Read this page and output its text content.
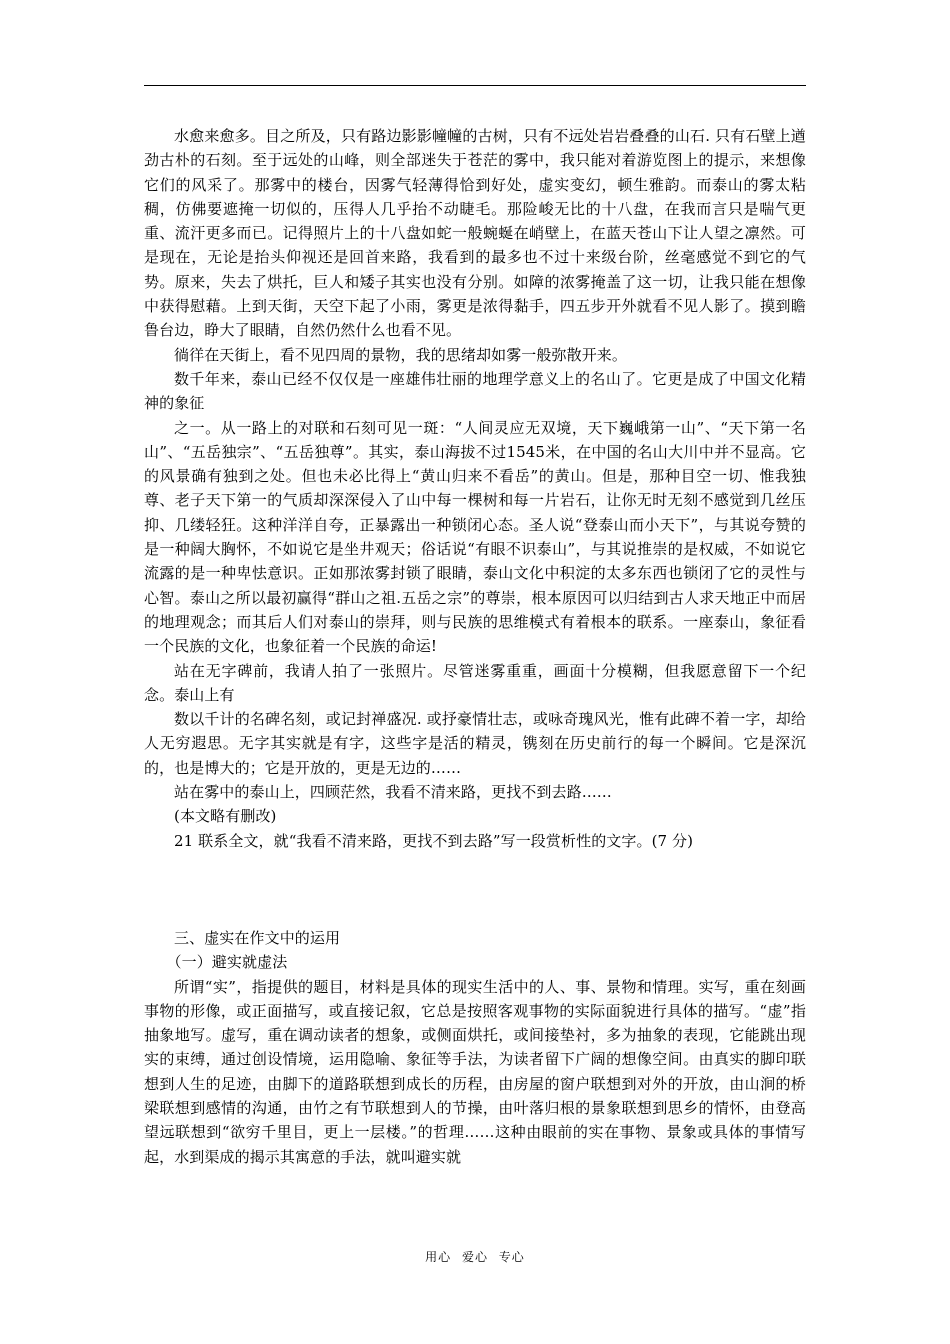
水愈来愈多。目之所及，只有路边影影幢幢的古树，只有不远处岩岩叠叠的山石. 只有石壁上遒劲古朴的石刻。至于远处的山峰，则全部迷失于苍茫的雾中，我只能对着游览图上的提示，来想像它们的风采了。那雾中的楼台，因雾气轻薄得恰到好处，虚实变幻，顿生雅韵。而泰山的雾太粘稠，仿佛要遮掩一切似的，压得人几乎抬不动睫毛。那险峻无比的十八盘，在我而言只是喘气更重、流汗更多而已。记得照片上的十八盘如蛇一般蜿蜒在峭壁上，在蓝天苍山下让人望之凛然。可是现在，无论是抬头仰视还是回首来路，我看到的最多也不过十来级台阶，丝毫感觉不到它的气势。原来，失去了烘托，巨人和矮子其实也没有分别。如障的浓雾掩盖了这一切，让我只能在想像中获得慰藉。上到天街，天空下起了小雨，雾更是浓得黏手，四五步开外就看不见人影了。摸到瞻鲁台边，睁大了眼睛，自然仍然什么也看不见。

徜徉在天街上，看不见四周的景物，我的思绪却如雾一般弥散开来。

数千年来，泰山已经不仅仅是一座雄伟壮丽的地理学意义上的名山了。它更是成了中国文化精神的象征

之一。从一路上的对联和石刻可见一斑：“人间灵应无双境，天下巍峨第一山”、“天下第一名山”、“五岳独宗”、“五岳独尊”。其实，泰山海拔不过1545米，在中国的名山大川中并不显高。它的风景确有独到之处。但也未必比得上“黄山归来不看岳”的黄山。但是，那种目空一切、惟我独尊、老子天下第一的气质却深深侵入了山中每一棵树和每一片岩石，让你无时无刻不感觉到几丝压抑、几缕轻狂。这种洋洋自夸，正暴露出一种锁闭心态。圣人说“登泰山而小天下”，与其说夸赞的是一种阔大胸怀，不如说它是坐井观天；俗话说“有眼不识泰山”，与其说推崇的是权威，不如说它流露的是一种卑怯意识。正如那浓雾封锁了眼睛，泰山文化中积淀的太多东西也锁闭了它的灵性与心智。泰山之所以最初赢得“群山之祖.五岳之宗”的尊崇，根本原因可以归结到古人求天地正中而居的地理观念；而其后人们对泰山的崇拜，则与民族的思维模式有着根本的联系。一座泰山，象征看一个民族的文化，也象征着一个民族的命运!

站在无字碑前，我请人拍了一张照片。尽管迷雾重重，画面十分模糊，但我愿意留下一个纪念。泰山上有

数以千计的名碑名刻，或记封禅盛况. 或抒豪情壮志，或咏奇瑰风光，惟有此碑不着一字，却给人无穷遐思。无字其实就是有字，这些字是活的精灵，镌刻在历史前行的每一个瞬间。它是深沉的，也是博大的；它是开放的，更是无边的……

站在雾中的泰山上，四顾茫然，我看不清来路，更找不到去路……

(本文略有删改)

21 联系全文，就“我看不清来路，更找不到去路”写一段赏析性的文字。(7 分)

三、虚实在作文中的运用

（一）避实就虚法

所谓“实”，指提供的题目，材料是具体的现实生活中的人、事、景物和情理。实写，重在刻画事物的形像，或正面描写，或直接记叙，它总是按照客观事物的实际面貌进行具体的描写。“虚”指抽象地写。虚写，重在调动读者的想象，或侧面烘托，或间接垫衬，多为抽象的表现，它能跳出现实的束缚，通过创设情境，运用隐喻、象征等手法，为读者留下广阔的想像空间。由真实的脚印联想到人生的足迹，由脚下的道路联想到成长的历程，由房屋的窗户联想到对外的开放，由山涧的桥梁联想到感情的沟通，由竹之有节联想到人的节操，由叶落归根的景象联想到思乡的情怀，由登高望远联想到“欲穷千里目，更上一层楼。”的哲理……这种由眼前的实在事物、景象或具体的事情写起，水到渠成的揭示其寓意的手法，就叫避实就

用心 爱心 专心
